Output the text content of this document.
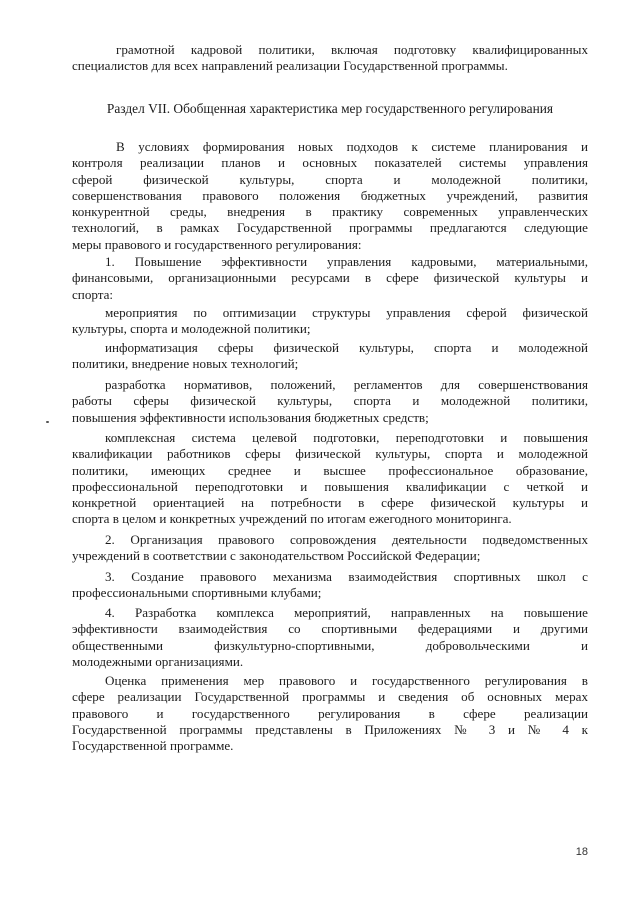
грамотной кадровой политики, включая подготовку квалифицированных
специалистов для всех направлений реализации Государственной программы.
Раздел VII. Обобщенная характеристика мер государственного регулирования
В условиях формирования новых подходов к системе планирования и
контроля реализации планов и основных показателей системы управления
сферой физической культуры, спорта и молодежной политики,
совершенствования правового положения бюджетных учреждений, развития
конкурентной среды, внедрения в практику современных управленческих
технологий, в рамках Государственной программы предлагаются следующие
меры правового и государственного регулирования:
1. Повышение эффективности управления кадровыми, материальными,
финансовыми, организационными ресурсами в сфере физической культуры и
спорта:
мероприятия по оптимизации структуры управления сферой физической
культуры, спорта и молодежной политики;
информатизация сферы физической культуры, спорта и молодежной
политики, внедрение новых технологий;
разработка нормативов, положений, регламентов для совершенствования
работы сферы физической культуры, спорта и молодежной политики,
повышения эффективности использования бюджетных средств;
комплексная система целевой подготовки, переподготовки и повышения
квалификации работников сферы физической культуры, спорта и молодежной
политики, имеющих среднее и высшее профессиональное образование,
профессиональной переподготовки и повышения квалификации с четкой и
конкретной ориентацией на потребности в сфере физической культуры и
спорта в целом и конкретных учреждений по итогам ежегодного мониторинга.
2. Организация правового сопровождения деятельности подведомственных
учреждений в соответствии с законодательством Российской Федерации;
3. Создание правового механизма взаимодействия спортивных школ с
профессиональными спортивными клубами;
4. Разработка комплекса мероприятий, направленных на повышение
эффективности взаимодействия со спортивными федерациями и другими
общественными физкультурно-спортивными, добровольческими и
молодежными организациями.
Оценка применения мер правового и государственного регулирования в
сфере реализации Государственной программы и сведения об основных мерах
правового и государственного регулирования в сфере реализации
Государственной программы представлены в Приложениях № 3 и № 4 к
Государственной программе.
18
